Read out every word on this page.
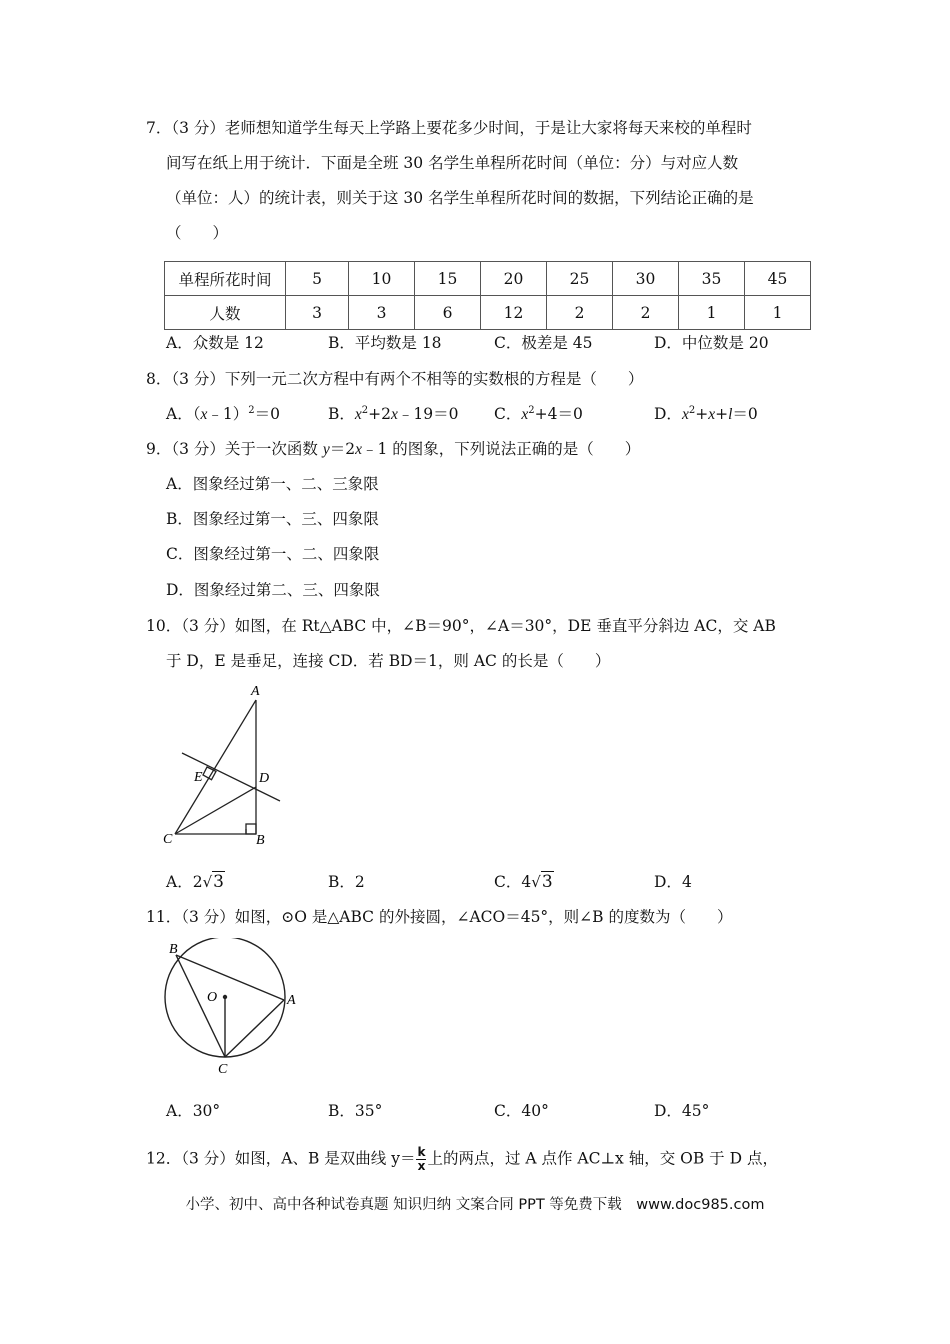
7．（3 分）老师想知道学生每天上学路上要花多少时间，于是让大家将每天来校的单程时
间写在纸上用于统计．下面是全班 30 名学生单程所花时间（单位：分）与对应人数
（单位：人）的统计表，则关于这 30 名学生单程所花时间的数据，下列结论正确的是
（　　）
单程所花时间	5	10	15	20	25	30	35	45
人数	3	3	6	12	2	2	1	1
A．众数是 12	B．平均数是 18	C．极差是 45	D．中位数是 20
8．（3 分）下列一元二次方程中有两个不相等的实数根的方程是（　　）
A．（x﹣1）$^2$＝0	B．$x^2+2x﹣19=0$ C．$x^2+4=0$	D．$x^2+x+l=0$
9．（3 分）关于一次函数 y＝2x﹣1 的图象，下列说法正确的是（　　）
A．图象经过第一、二、三象限
B．图象经过第一、三、四象限
C．图象经过第一、二、四象限
D．图象经过第二、三、四象限
10．（3 分）如图，在 Rt△ABC 中，∠B＝90°，∠A＝30°，DE 垂直平分斜边 AC，交 AB
于 D，E 是垂足，连接 CD．若 BD＝1，则 AC 的长是（　　）
A
E	D
C	B
A．2√3	B．2	C．4√3	D．4
11．（3 分）如图，⊙O 是△ABC 的外接圆，∠ACO＝45°，则∠B 的度数为（　　）
B
O	A
C
A．30°	B．35°	C．40°	D．45°
12．（3 分）如图，A、B 是双曲线 $y= \frac{k}{x}$ 上的两点，过 A 点作 AC⊥x 轴，交 OB 于 D 点，
小学、初中、高中各种试卷真题 知识归纳 文案合同 PPT 等免费下载　www.doc985.com
